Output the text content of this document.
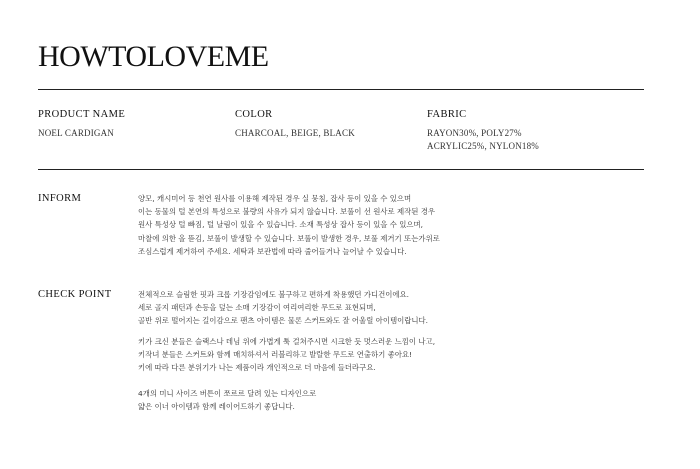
HOWTOLOVEME
PRODUCT NAME
NOEL CARDIGAN
COLOR
CHARCOAL, BEIGE, BLACK
FABRIC
RAYON30%, POLY27%
ACRYLIC25%, NYLON18%
INFORM	양모, 캐시미어 등 천연 원사를 이용해 제작된 경우 실 뭉침, 잡사 등이 있을 수 있으며
이는 동물의 털 본연의 특성으로 불량의 사유가 되지 않습니다. 보풀이 선 원사로 제작된 경우
원사 특성상 털 빠짐, 털 날림이 있을 수 있습니다. 소재 특성상 잡사 등이 있을 수 있으며,
마찰에 의한 올 뜯김, 보풀이 발생할 수 있습니다. 보풀이 발생한 경우, 보풀 제거기 또는가위로
조심스럽게 제거하여 주세요. 세탁과 보관법에 따라 줄어들거나 늘어날 수 있습니다.
CHECK POINT	전체적으로 슬림한 핏과 크롭 기장감임에도 불구하고 편하게 착용했던 가디건이에요.
세로 골지 패턴과 손등을 덮는 소매 기장감이 여리여리한 무드로 표현되며,
골반 위로 떨어지는 길이감으로 팬츠 아이템은 물론 스커트와도 잘 어울릴 아이템이랍니다.
키가 크신 분들은 슬랙스나 데님 위에 가볍게 툭 걸쳐주시면 시크한 듯 멋스러운 느낌이 나고,
키작녀 분들은 스커트와 함께 매치하셔서 러블리하고 발랄한 무드로 연출하기 좋아요!
키에 따라 다른 분위기가 나는 제품이라 개인적으로 더 마음에 들더라구요.
4개의 미니 사이즈 버튼이 쪼르르 달려 있는 디자인으로
얇은 이너 아이템과 함께 레이어드하기 좋답니다.
